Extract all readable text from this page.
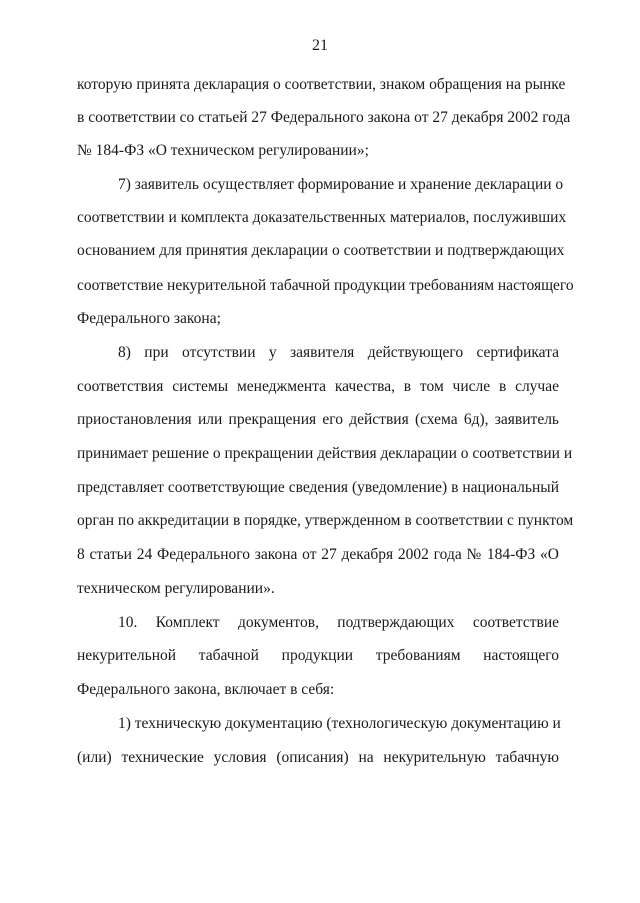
21
которую принята декларация о соответствии, знаком обращения на рынке
в соответствии со статьей 27 Федерального закона от 27 декабря 2002 года
№ 184-ФЗ «О техническом регулировании»;
7) заявитель осуществляет формирование и хранение декларации о
соответствии и комплекта доказательственных материалов, послуживших
основанием для принятия декларации о соответствии и подтверждающих
соответствие некурительной табачной продукции требованиям настоящего
Федерального закона;
8) при отсутствии у заявителя действующего сертификата
соответствия системы менеджмента качества, в том числе в случае
приостановления или прекращения его действия (схема 6д), заявитель
принимает решение о прекращении действия декларации о соответствии и
представляет соответствующие сведения (уведомление) в национальный
орган по аккредитации в порядке, утвержденном в соответствии с пунктом
8 статьи 24 Федерального закона от 27 декабря 2002 года № 184-ФЗ «О
техническом регулировании».
10. Комплект документов, подтверждающих соответствие
некурительной табачной продукции требованиям настоящего
Федерального закона, включает в себя:
1) техническую документацию (технологическую документацию и
(или) технические условия (описания) на некурительную табачную
